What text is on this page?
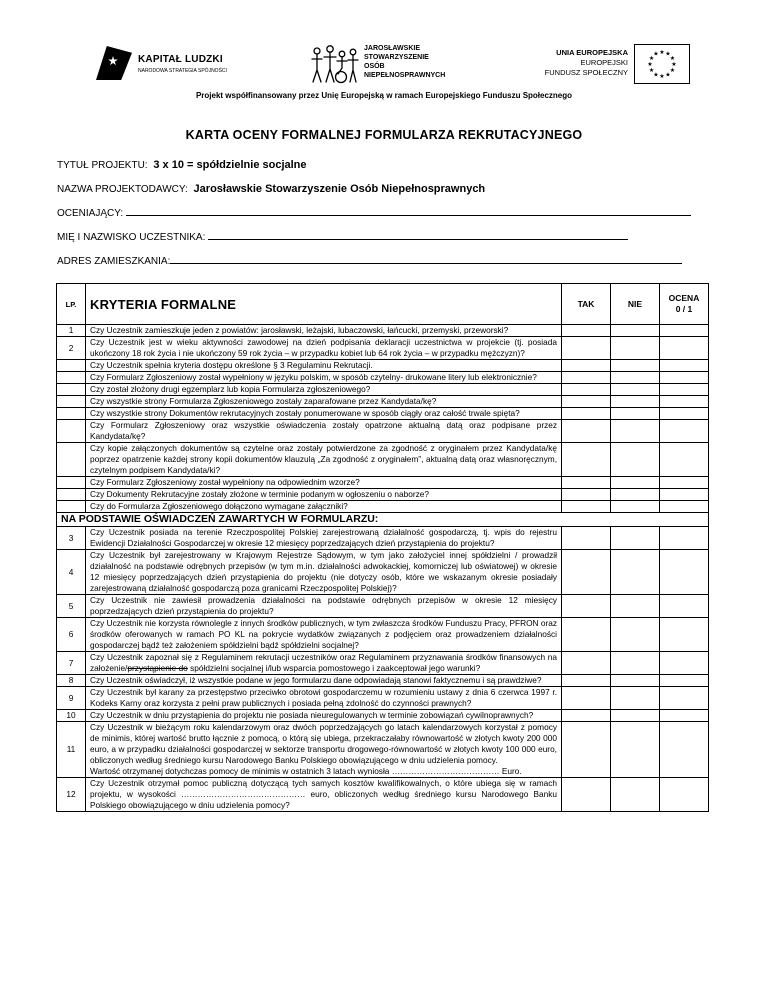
KAPITAŁ LUDZKI
NARODOWA STRATEGIA SPÓJNOŚCI
JAROSŁAWSKIE
STOWARZYSZENIE
OSÓB
NIEPEŁNOSPRAWNYCH
UNIA EUROPEJSKA
EUROPEJSKI
FUNDUSZ SPOŁECZNY
★ ★
★
★
★
★
★
★
★
★
★
★
Projekt współfinansowany przez Unię Europejską w ramach Europejskiego Funduszu Społecznego
KARTA OCENY FORMALNEJ FORMULARZA REKRUTACYJNEGO
TYTUŁ PROJEKTU: 3 x 10 = spółdzielnie socjalne
NAZWA PROJEKTODAWCY: Jarosławskie Stowarzyszenie Osób Niepełnosprawnych
OCENIAJĄCY:
MIĘ I NAZWISKO UCZESTNIKA:
ADRES ZAMIESZKANIA:
LP.	KRYTERIA FORMALNE	TAK	NIE	OCENA
0 / 1

1	Czy Uczestnik zamieszkuje jeden z powiatów: jarosławski, leżajski, lubaczowski, łańcucki, przemyski, przeworski?			

2	Czy Uczestnik jest w wieku aktywności zawodowej na dzień podpisania deklaracji uczestnictwa w projekcie (tj. posiada ukończony 18 rok życia i nie ukończony 59 rok życia – w przypadku kobiet lub 64 rok życia – w przypadku mężczyzn)?			

	Czy Uczestnik spełnia kryteria dostępu określone § 3 Regulaminu Rekrutacji.			

	Czy Formularz Zgłoszeniowy został wypełniony w języku polskim, w sposób czytelny- drukowane litery lub elektronicznie?			

	Czy został złożony drugi egzemplarz lub kopia Formularza zgłoszeniowego?			

	Czy wszystkie strony Formularza Zgłoszeniowego zostały zaparafowane przez Kandydata/kę?			

	Czy wszystkie strony Dokumentów rekrutacyjnych zostały ponumerowane w sposób ciągły oraz całość trwale spięta?			

	Czy Formularz Zgłoszeniowy oraz wszystkie oświadczenia zostały opatrzone aktualną datą oraz podpisane przez Kandydata/kę?			

	Czy kopie załączonych dokumentów są czytelne oraz zostały potwierdzone za zgodność z oryginałem przez Kandydata/kę poprzez opatrzenie każdej strony kopii dokumentów klauzulą „Za zgodność z oryginałem”, aktualną datą oraz własnoręcznym, czytelnym podpisem Kandydata/ki?			

	Czy Formularz Zgłoszeniowy został wypełniony na odpowiednim wzorze?			

	Czy Dokumenty Rekrutacyjne zostały złożone w terminie podanym w ogłoszeniu o naborze?			

	Czy do Formularza Zgłoszeniowego dołączono wymagane załączniki?			

NA PODSTAWIE OŚWIADCZEŃ ZAWARTYCH W FORMULARZU:				
3	Czy Uczestnik posiada na terenie Rzeczpospolitej Polskiej zarejestrowaną działalność gospodarczą, tj. wpis do rejestru Ewidencji Działalności Gospodarczej w okresie 12 miesięcy poprzedzających dzień przystąpienia do projektu?			

4	Czy Uczestnik był zarejestrowany w Krajowym Rejestrze Sądowym, w tym jako założyciel innej spółdzielni / prowadził działalność na podstawie odrębnych przepisów (w tym m.in. działalności adwokackiej, komorniczej lub oświatowej) w okresie 12 miesięcy poprzedzających dzień przystąpienia do projektu (nie dotyczy osób, które we wskazanym okresie posiadały zarejestrowaną działalność gospodarczą poza granicami Rzeczpospolitej Polskiej)?			

5	Czy Uczestnik nie zawiesił prowadzenia działalności na podstawie odrębnych przepisów w okresie 12 miesięcy poprzedzających dzień przystąpienia do projektu?			

6	Czy Uczestnik nie korzysta równolegle z innych środków publicznych, w tym zwłaszcza środków Funduszu Pracy, PFRON oraz środków oferowanych w ramach PO KL na pokrycie wydatków związanych z podjęciem oraz prowadzeniem działalności gospodarczej bądź też założeniem spółdzielni bądź spółdzielni socjalnej?			

7	Czy Uczestnik zapoznał się z Regulaminem rekrutacji uczestników oraz Regulaminem przyznawania środków finansowych na założenie/przystąpienie do spółdzielni socjalnej i/lub wsparcia pomostowego i zaakceptował jego warunki?			
8	Czy Uczestnik oświadczył, iż wszystkie podane w jego formularzu dane odpowiadają stanowi faktycznemu i są prawdziwe?			

9	Czy Uczestnik był karany za przestępstwo przeciwko obrotowi gospodarczemu w rozumieniu ustawy z dnia 6 czerwca 1997 r. Kodeks Karny oraz korzysta z pełni praw publicznych i posiada pełną zdolność do czynności prawnych?			

10	Czy Uczestnik w dniu przystąpienia do projektu nie posiada nieuregulowanych w terminie zobowiązań cywilnoprawnych?			

11	Czy Uczestnik w bieżącym roku kalendarzowym oraz dwóch poprzedzających go latach kalendarzowych korzystał z pomocy de minimis, której wartość brutto łącznie z pomocą, o którą się ubiega, przekraczałaby równowartość w złotych kwoty 200 000 euro, a w przypadku działalności gospodarczej w sektorze transportu drogowego-równowartość w złotych kwoty 100 000 euro, obliczonych według średniego kursu Narodowego Banku Polskiego obowiązującego w dniu udzielenia pomocy.
Wartość otrzymanej dotychczas pomocy de minimis w ostatnich 3 latach wyniosła ………………………………… Euro.			

12	Czy Uczestnik otrzymał pomoc publiczną dotyczącą tych samych kosztów kwalifikowalnych, o które ubiega się w ramach projektu, w wysokości ……………………………………… euro, obliczonych według średniego kursu Narodowego Banku Polskiego obowiązującego w dniu udzielenia pomocy?			
